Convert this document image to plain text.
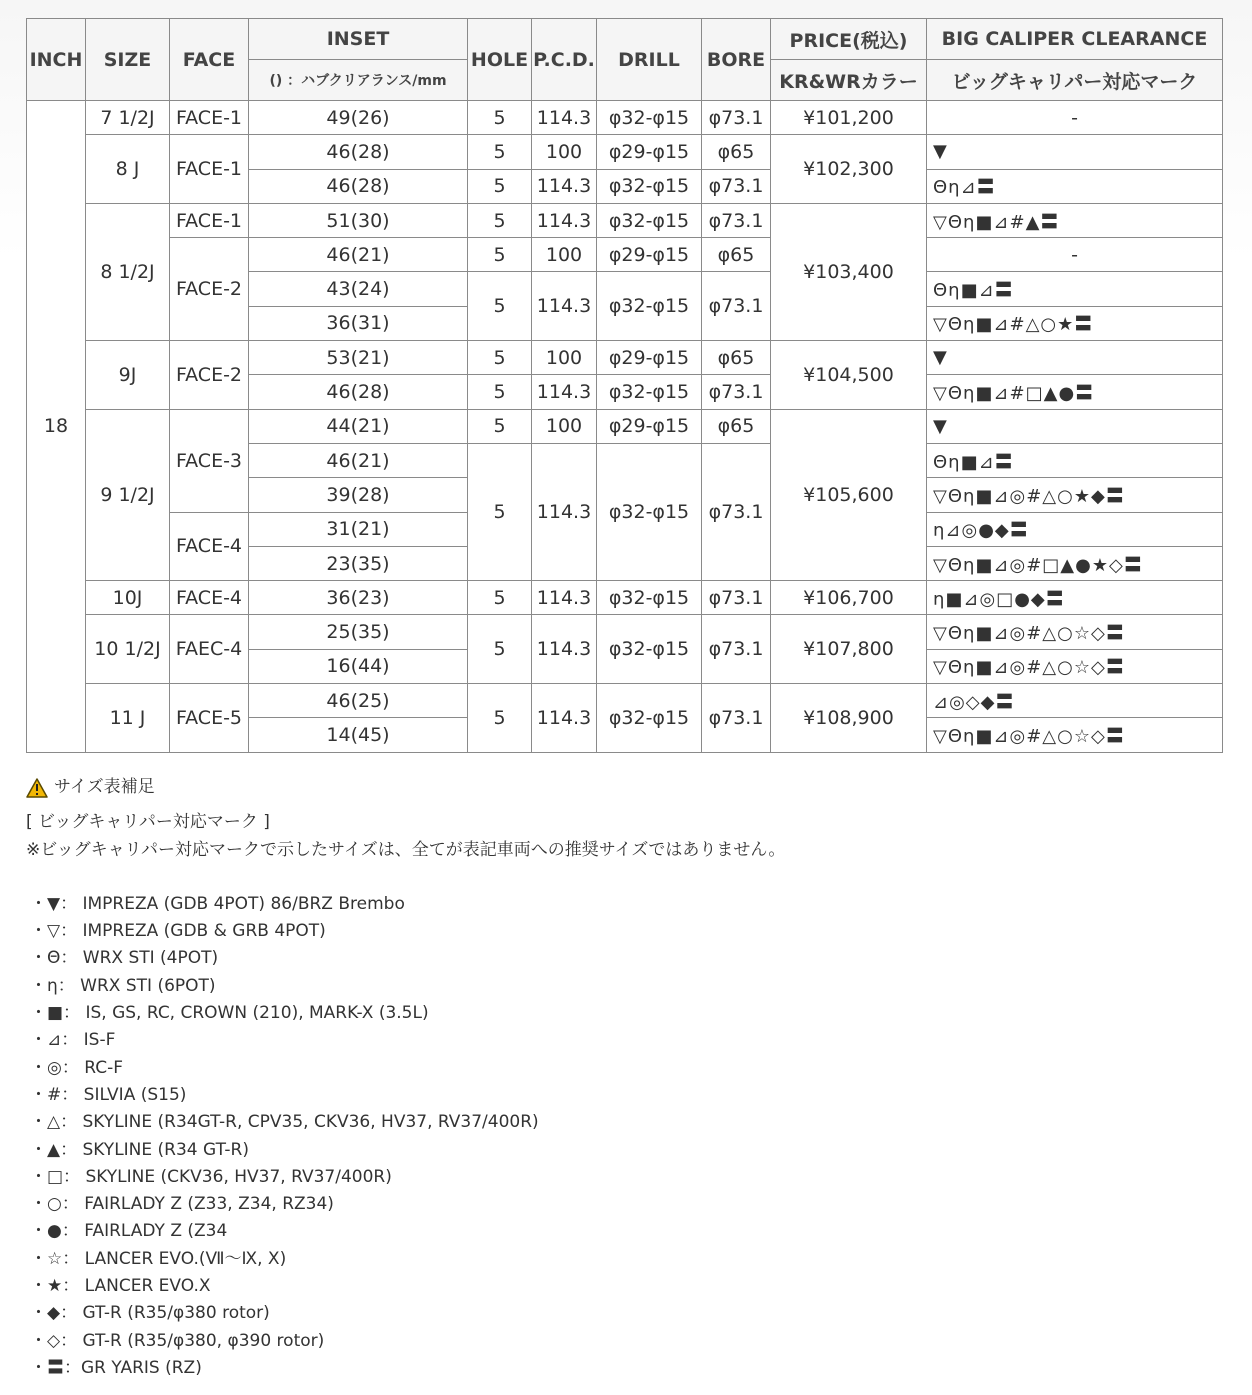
INCH	SIZE	FACE	INSET	HOLE	P.C.D.	DRILL	BORE	PRICE(税込)	BIG CALIPER CLEARANCE
			() ：ハブクリアランス/mm					KR&WRカラー	ビッグキャリパー対応マーク
18	7 1/2J	FACE-1	49(26)	5	114.3	φ32-φ15	φ73.1	¥101,200	-
	8 J	FACE-1	46(28)	5	100	φ29-φ15	φ65	¥102,300	▼
			46(28)	5	114.3	φ32-φ15	φ73.1		Θη⊿〓
	8 1/2J	FACE-1	51(30)	5	114.3	φ32-φ15	φ73.1	¥103,400	▽Θη■⊿#▲〓
		FACE-2	46(21)	5	100	φ29-φ15	φ65		-
			43(24)	5	114.3	φ32-φ15	φ73.1		Θη■⊿〓
			36(31)						▽Θη■⊿#△○★〓
	9J	FACE-2	53(21)	5	100	φ29-φ15	φ65	¥104,500	▼
			46(28)	5	114.3	φ32-φ15	φ73.1		▽Θη■⊿#□▲●〓
	9 1/2J	FACE-3	44(21)	5	100	φ29-φ15	φ65	¥105,600	▼
			46(21)	5	114.3	φ32-φ15	φ73.1		Θη■⊿〓
			39(28)						▽Θη■⊿◎#△○★◆〓
		FACE-4	31(21)						η⊿◎●◆〓
			23(35)						▽Θη■⊿◎#□▲●★◇〓
	10J	FACE-4	36(23)	5	114.3	φ32-φ15	φ73.1	¥106,700	η■⊿◎□●◆〓
	10 1/2J	FAEC-4	25(35)	5	114.3	φ32-φ15	φ73.1	¥107,800	▽Θη■⊿◎#△○☆◇〓
			16(44)						▽Θη■⊿◎#△○☆◇〓
	11 J	FACE-5	46(25)	5	114.3	φ32-φ15	φ73.1	¥108,900	⊿◎◇◆〓
			14(45)						▽Θη■⊿◎#△○☆◇〓
サイズ表補足
[ ビッグキャリパー対応マーク ]
※ビッグキャリパー対応マークで示したサイズは、全てが表記車両への推奨サイズではありません。
・▼： IMPREZA (GDB 4POT) 86/BRZ Brembo
・▽： IMPREZA (GDB & GRB 4POT)
・Θ： WRX STI (4POT)
・η： WRX STI (6POT)
・■： IS, GS, RC, CROWN (210), MARK-X (3.5L)
・⊿： IS-F
・◎： RC-F
・#： SILVIA (S15)
・△： SKYLINE (R34GT-R, CPV35, CKV36, HV37, RV37/400R)
・▲： SKYLINE (R34 GT-R)
・□： SKYLINE (CKV36, HV37, RV37/400R)
・○： FAIRLADY Z (Z33, Z34, RZ34)
・●： FAIRLADY Z (Z34
・☆： LANCER EVO.(Ⅶ～Ⅸ, X)
・★： LANCER EVO.X
・◆： GT-R (R35/φ380 rotor)
・◇： GT-R (R35/φ380, φ390 rotor)
・〓：GR YARIS (RZ)
